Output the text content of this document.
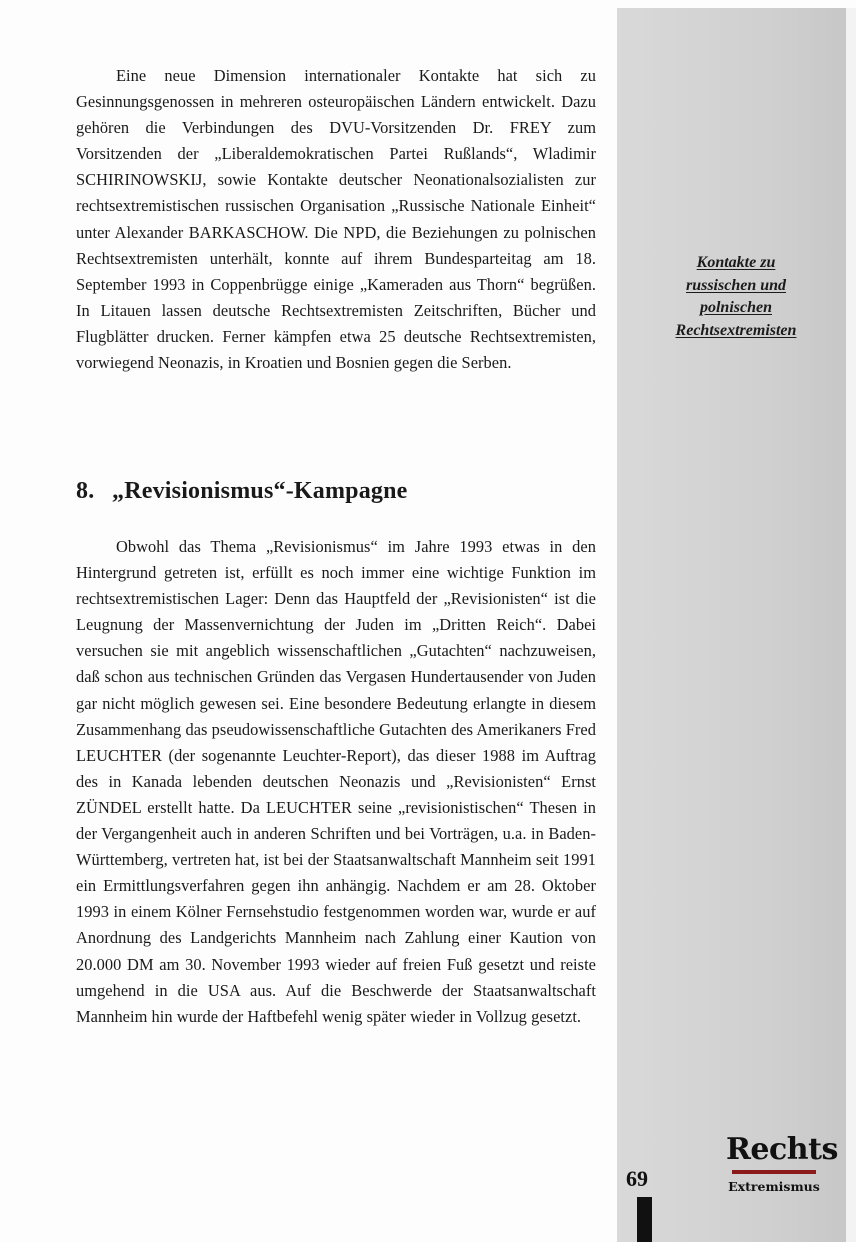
Eine neue Dimension internationaler Kontakte hat sich zu Gesinnungsgenossen in mehreren osteuropäischen Ländern entwickelt. Dazu gehören die Verbindungen des DVU-Vorsitzenden Dr. FREY zum Vorsitzenden der „Liberaldemokratischen Partei Rußlands“, Wladimir SCHIRINOWSKIJ, sowie Kontakte deutscher Neonationalsozialisten zur rechtsextremistischen russischen Organisation „Russische Nationale Einheit“ unter Alexander BARKASCHOW. Die NPD, die Beziehungen zu polnischen Rechtsextremisten unterhält, konnte auf ihrem Bundesparteitag am 18. September 1993 in Coppenbrügge einige „Kameraden aus Thorn“ begrüßen. In Litauen lassen deutsche Rechtsextremisten Zeitschriften, Bücher und Flugblätter drucken. Ferner kämpfen etwa 25 deutsche Rechtsextremisten, vorwiegend Neonazis, in Kroatien und Bosnien gegen die Serben.

8. „Revisionismus“-Kampagne

Obwohl das Thema „Revisionismus“ im Jahre 1993 etwas in den Hintergrund getreten ist, erfüllt es noch immer eine wichtige Funktion im rechtsextremistischen Lager: Denn das Hauptfeld der „Revisionisten“ ist die Leugnung der Massenvernichtung der Juden im „Dritten Reich“. Dabei versuchen sie mit angeblich wissenschaftlichen „Gutachten“ nachzuweisen, daß schon aus technischen Gründen das Vergasen Hundertausender von Juden gar nicht möglich gewesen sei. Eine besondere Bedeutung erlangte in diesem Zusammenhang das pseudowissenschaftliche Gutachten des Amerikaners Fred LEUCHTER (der sogenannte Leuchter-Report), das dieser 1988 im Auftrag des in Kanada lebenden deutschen Neonazis und „Revisionisten“ Ernst ZÜNDEL erstellt hatte. Da LEUCHTER seine „revisionistischen“ Thesen in der Vergangenheit auch in anderen Schriften und bei Vorträgen, u.a. in Baden-Württemberg, vertreten hat, ist bei der Staatsanwaltschaft Mannheim seit 1991 ein Ermittlungsverfahren gegen ihn anhängig. Nachdem er am 28. Oktober 1993 in einem Kölner Fernsehstudio festgenommen worden war, wurde er auf Anordnung des Landgerichts Mannheim nach Zahlung einer Kaution von 20.000 DM am 30. November 1993 wieder auf freien Fuß gesetzt und reiste umgehend in die USA aus. Auf die Beschwerde der Staatsanwaltschaft Mannheim hin wurde der Haftbefehl wenig später wieder in Vollzug gesetzt.

Kontakte zu
russischen und
polnischen
Rechtsextremisten
69
Rechts
Extremismus
